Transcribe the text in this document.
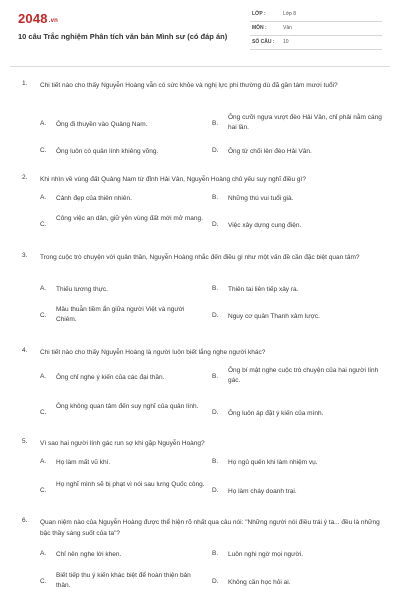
2048.vn
10 câu Trắc nghiệm Phân tích văn bản Mình sư (có đáp án)
LỚP :	Lớp 8
MÔN :	Văn
SỐ CÂU : 10
1. Chi tiết nào cho thấy Nguyễn Hoàng vẫn có sức khỏe và nghị lực phi thường dù đã gần tám mươi tuổi?
A. Ông đi thuyền vào Quảng Nam.	B.
Ông cưỡi ngựa vượt đèo Hải Vân, chỉ phải nằm cáng hai lần.
C. Ông luôn có quân lính khiêng võng.	D. Ông từ chối lên đèo Hải Vân.
2. Khi nhìn về vùng đất Quảng Nam từ đỉnh Hải Vân, Nguyễn Hoàng chủ yếu suy nghĩ điều gì?
A. Cảnh đẹp của thiên nhiên.	B. Những thú vui tuổi già.
C.
Công việc an dân, giữ yên vùng đất mới mở mang.
D. Việc xây dựng cung điện.
3. Trong cuộc trò chuyện với quân thần, Nguyễn Hoàng nhắc đến điều gì như một vấn đề cần đặc biệt quan tâm?
A. Thiếu lương thực.	B. Thiên tai liên tiếp xảy ra.
C.
Mâu thuẫn tiềm ẩn giữa người Việt và người Chiêm.
D. Nguy cơ quân Thanh xâm lược.
4. Chi tiết nào cho thấy Nguyễn Hoàng là người luôn biết lắng nghe người khác?
A. Ông chỉ nghe ý kiến của các đại thần.	B.
Ông bí mật nghe cuộc trò chuyện của hai người lính gác.
C.
Ông không quan tâm đến suy nghĩ của quân lính.
D. Ông luôn áp đặt ý kiến của mình.
5. Vì sao hai người lính gác run sợ khi gặp Nguyễn Hoàng?
A. Họ làm mất vũ khí.	B. Họ ngủ quên khi làm nhiệm vụ.
C.
Họ nghĩ mình sẽ bị phạt vì nói sau lưng Quốc công.
D. Họ làm cháy doanh trại.
6. Quan niệm nào của Nguyễn Hoàng được thể hiện rõ nhất qua câu nói: "Những người nói điều trái ý ta... đều là những bậc thầy sáng suốt của ta"?
A. Chỉ nên nghe lời khen.	B. Luôn nghi ngờ mọi người.
C.
Biết tiếp thu ý kiến khác biệt để hoàn thiện bản thân.
D. Không cần học hỏi ai.
